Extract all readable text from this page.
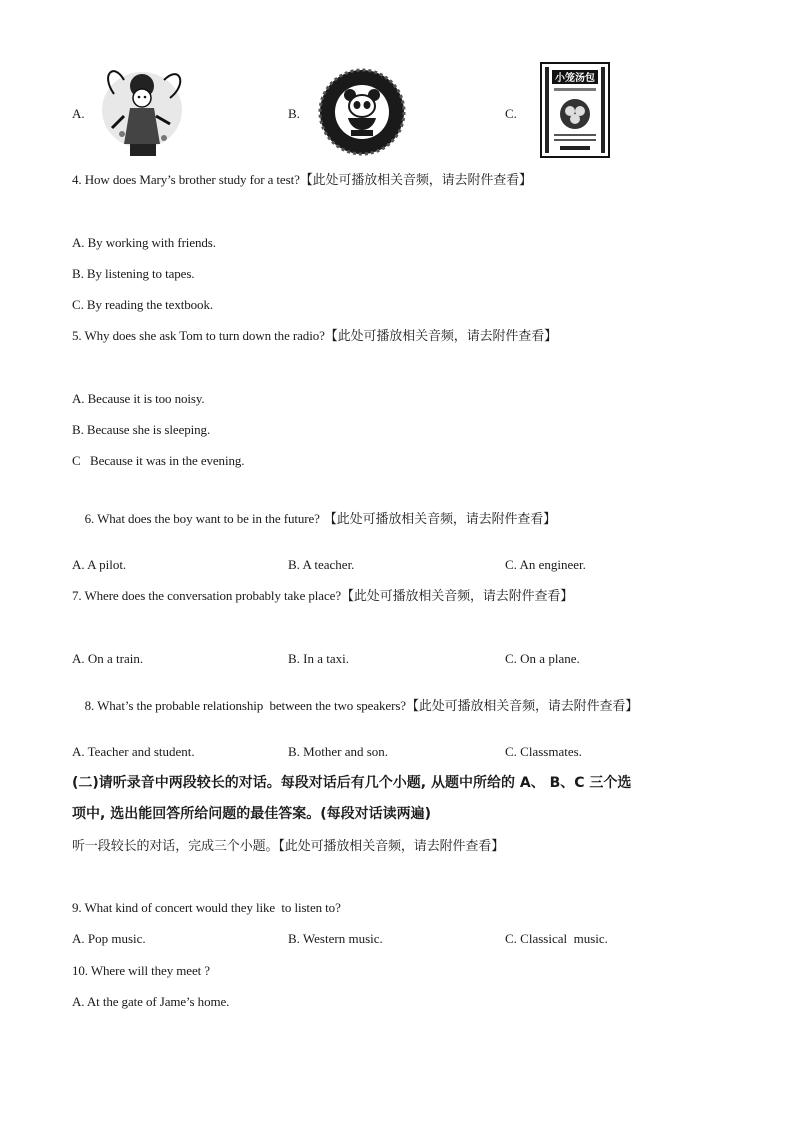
A.	B.	C.
小笼汤包
4. How does Mary’s brother study for a test?【此处可播放相关音频，请去附件查看】
A. By working with friends.
B. By listening to tapes.
C. By reading the textbook.
5. Why does she ask Tom to turn down the radio?【此处可播放相关音频，请去附件查看】
A. Because it is too noisy.
B. Because she is sleeping.
C   Because it was in the evening.

6. What does the boy want to be in the future? 【此处可播放相关音频，请去附件查看】

A. A pilot.	B. A teacher.	C. An engineer.
7. Where does the conversation probably take place?【此处可播放相关音频，请去附件查看】
A. On a train.	B. In a taxi.	C. On a plane.

8. What’s the probable relationship  between the two speakers?【此处可播放相关音频，请去附件查看】

A. Teacher and student.	B. Mother and son.	C. Classmates.
(二)请听录音中两段较长的对话。每段对话后有几个小题, 从题中所给的 A、 B、C 三个选
项中, 选出能回答所给问题的最佳答案。(每段对话读两遍)
听一段较长的对话，完成三个小题。【此处可播放相关音频，请去附件查看】
9. What kind of concert would they like  to listen to?
A. Pop music.	B. Western music.	C. Classical  music.
10. Where will they meet ?
A. At the gate of Jame’s home.
